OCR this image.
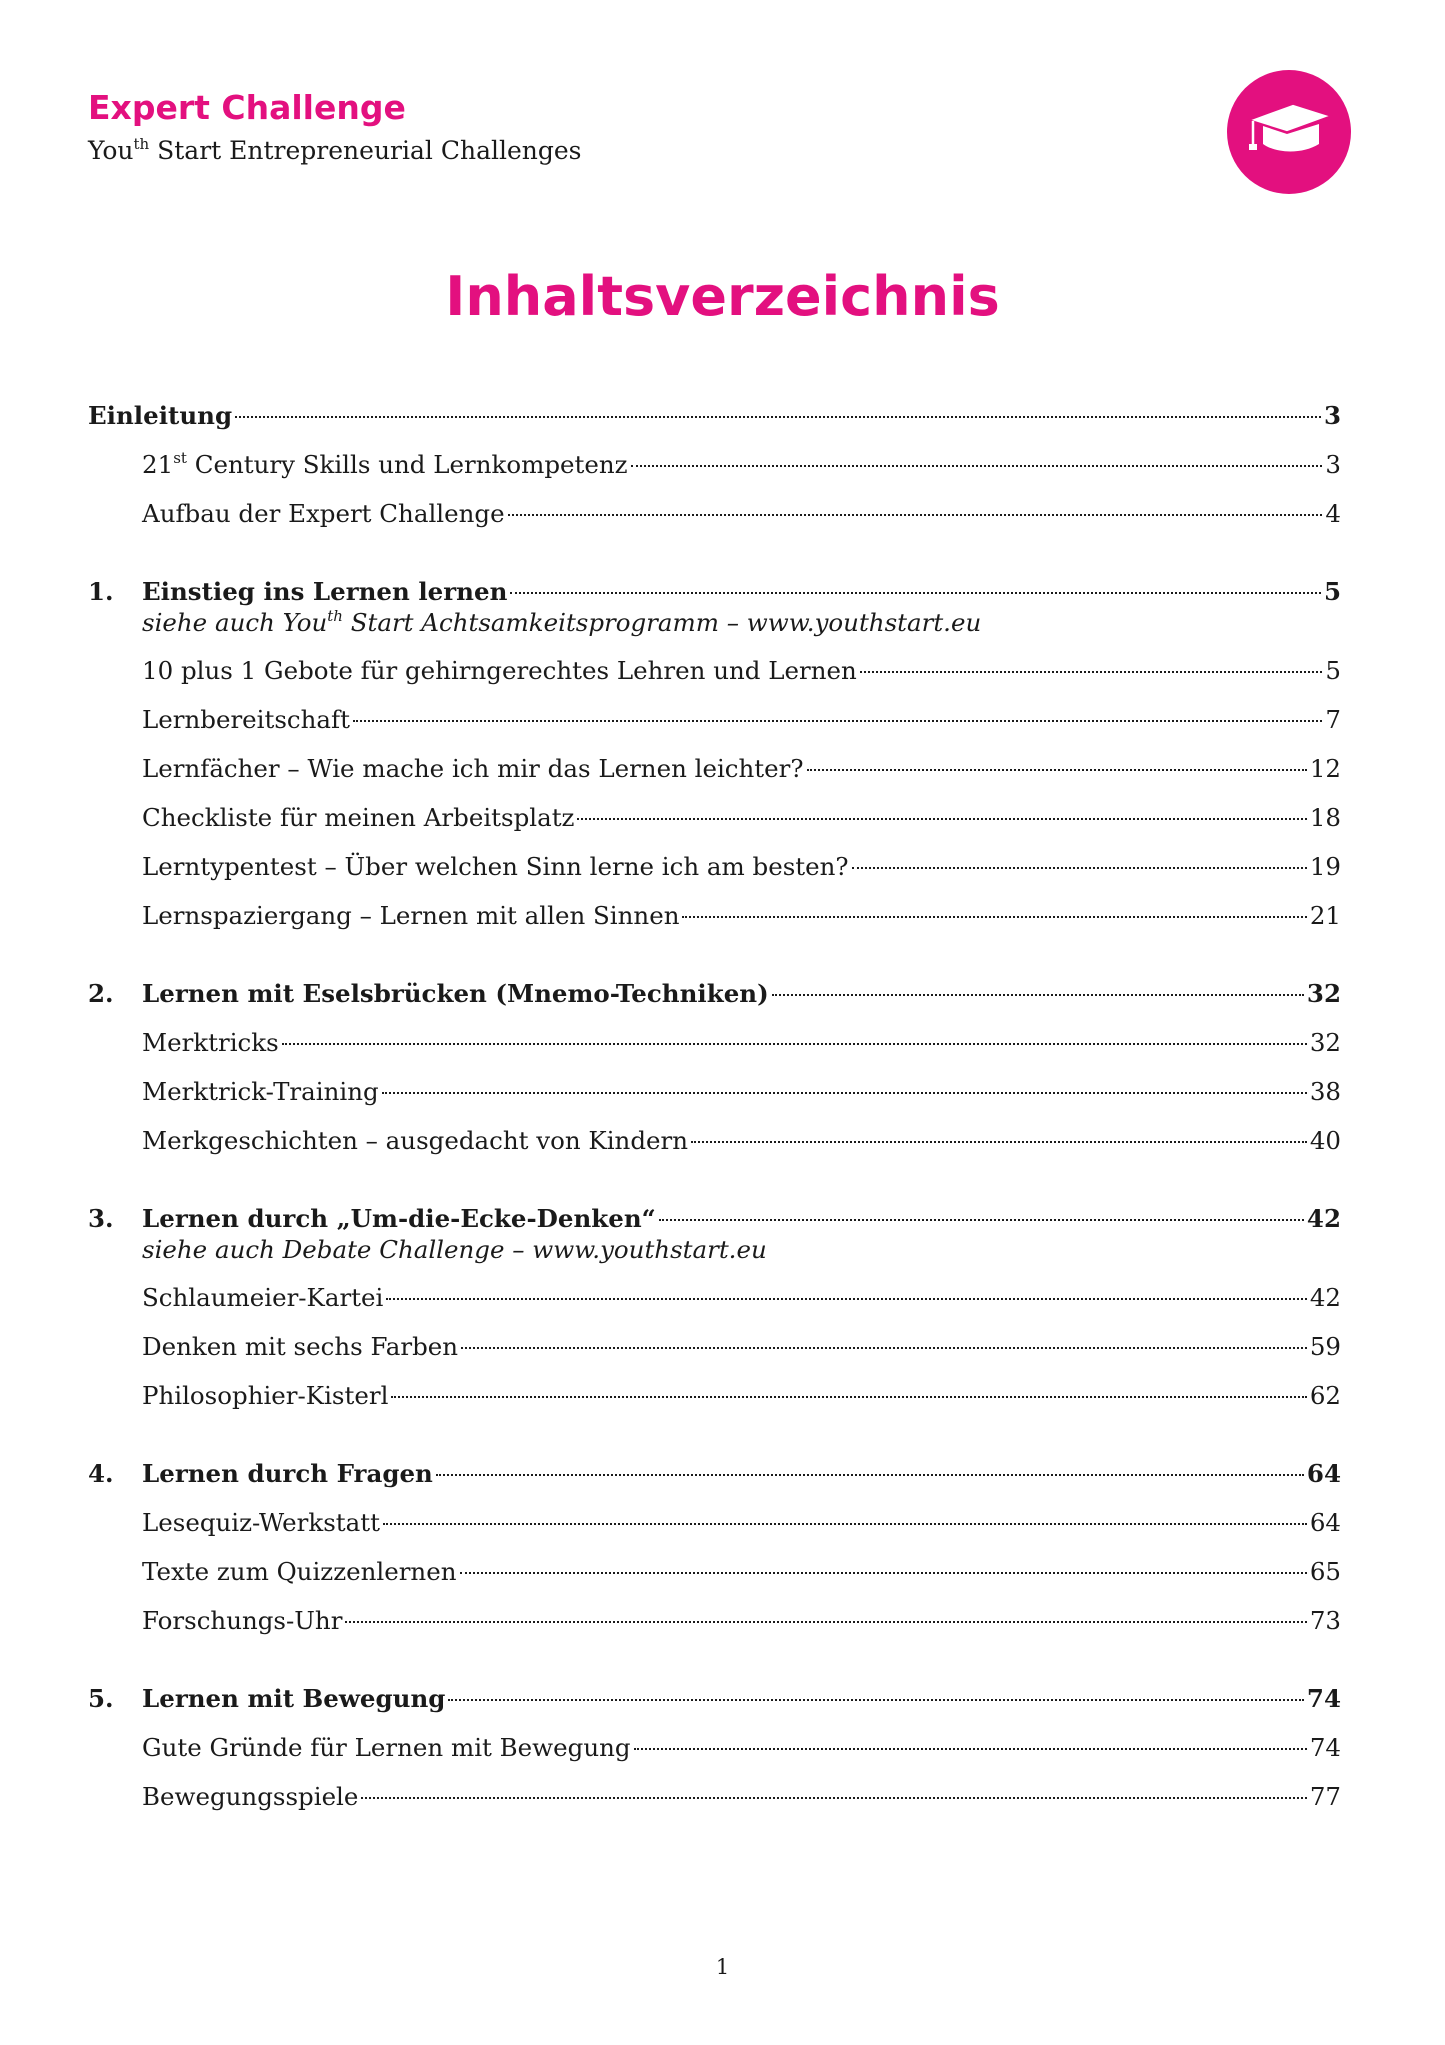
Expert Challenge
You$^{th}$ Start Entrepreneurial Challenges
Inhaltsverzeichnis
Einleitung	3
21st Century Skills und Lernkompetenz	3
Aufbau der Expert Challenge	4
1.	Einstieg ins Lernen lernen	5
siehe auch You$^{th}$ Start Achtsamkeitsprogramm – www.youthstart.eu
10 plus 1 Gebote für gehirngerechtes Lehren und Lernen	5
Lernbereitschaft	7
Lernfächer – Wie mache ich mir das Lernen leichter?	12
Checkliste für meinen Arbeitsplatz	18
Lerntypentest – Über welchen Sinn lerne ich am besten?	19
Lernspaziergang – Lernen mit allen Sinnen	21
2.	Lernen mit Eselsbrücken (Mnemo-Techniken)	32
Merktricks	32
Merktrick-Training	38
Merkgeschichten – ausgedacht von Kindern	40
3.	Lernen durch „Um-die-Ecke-Denken“	42
siehe auch Debate Challenge – www.youthstart.eu
Schlaumeier-Kartei	42
Denken mit sechs Farben	59
Philosophier-Kisterl	62
4.	Lernen durch Fragen	64
Lesequiz-Werkstatt	64
Texte zum Quizzenlernen	65
Forschungs-Uhr	73
5.	Lernen mit Bewegung	74
Gute Gründe für Lernen mit Bewegung	74
Bewegungsspiele	77
1
